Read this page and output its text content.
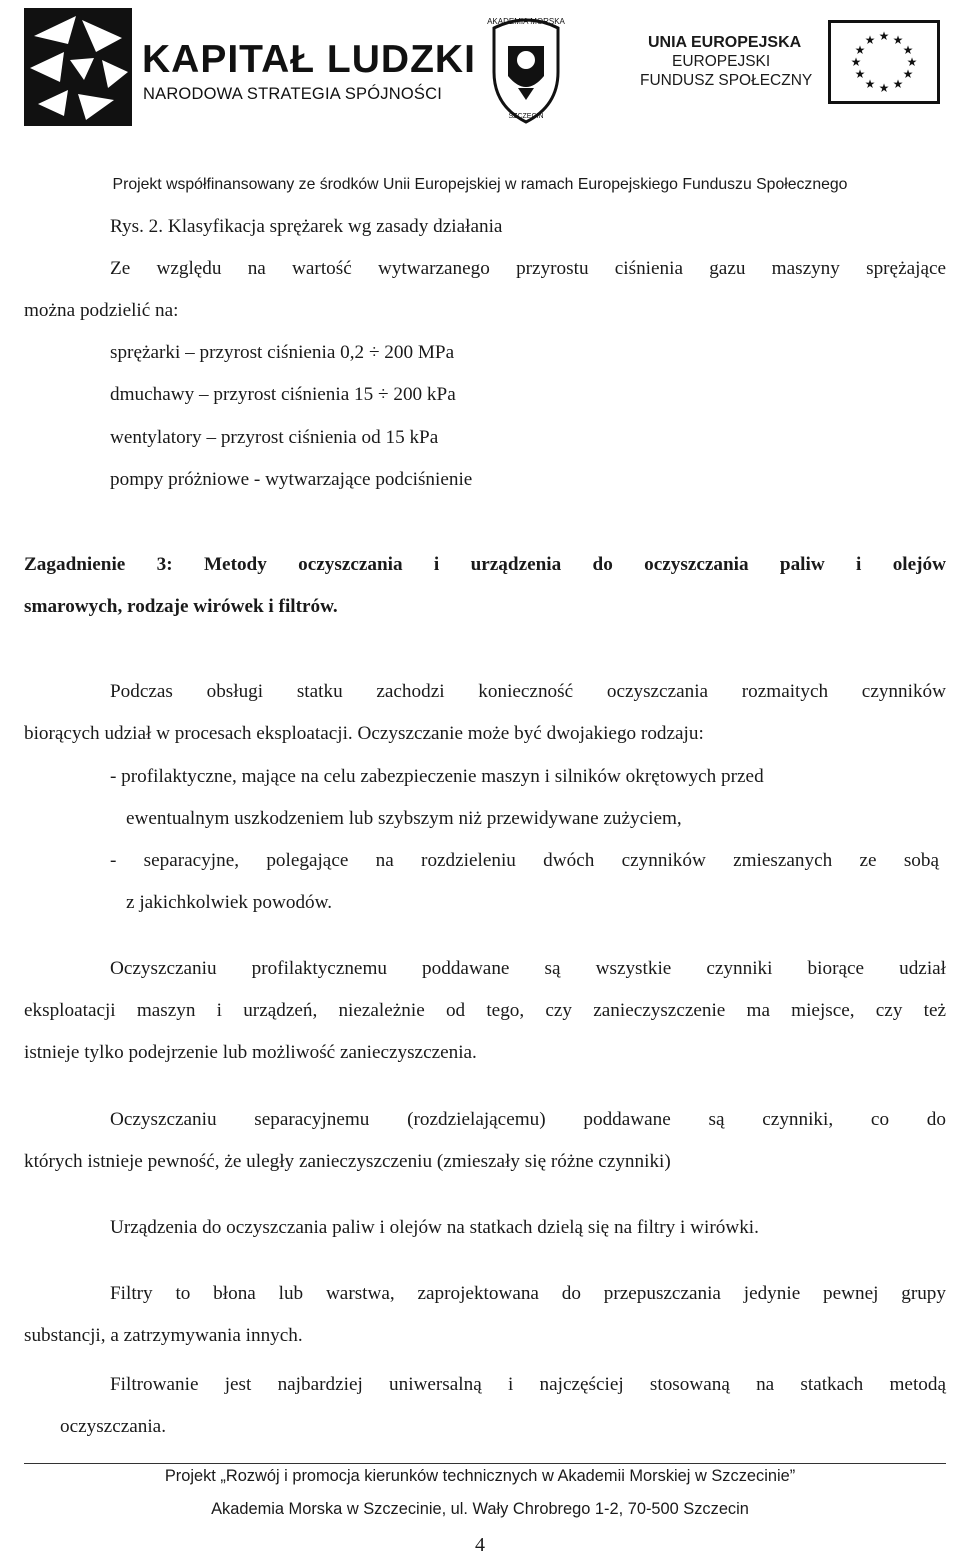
KAPITAŁ LUDZKI
NARODOWA STRATEGIA SPÓJNOŚCI
AKADEMIA MORSKA
SZCZECIN
UNIA EUROPEJSKA
EUROPEJSKI
FUNDUSZ SPOŁECZNY
★ ★
★
★
★
★
★
★
★
★
★
★
Projekt współfinansowany ze środków Unii Europejskiej w ramach Europejskiego Funduszu Społecznego
Rys. 2. Klasyfikacja sprężarek wg zasady działania
Ze względu na wartość wytwarzanego przyrostu ciśnienia gazu maszyny sprężające
można podzielić na:
sprężarki – przyrost ciśnienia 0,2 ÷ 200 MPa
dmuchawy – przyrost ciśnienia 15 ÷ 200 kPa
wentylatory – przyrost ciśnienia od 15 kPa
pompy próżniowe - wytwarzające podciśnienie
Zagadnienie 3: Metody oczyszczania i urządzenia do oczyszczania paliw i olejów
smarowych, rodzaje wirówek i filtrów.
Podczas obsługi statku zachodzi konieczność oczyszczania rozmaitych czynników
biorących udział w procesach eksploatacji. Oczyszczanie może być dwojakiego rodzaju:
- profilaktyczne, mające na celu zabezpieczenie maszyn i silników okrętowych przed
ewentualnym uszkodzeniem lub szybszym niż przewidywane zużyciem,
- separacyjne, polegające na rozdzieleniu dwóch czynników zmieszanych ze sobą
z jakichkolwiek powodów.
Oczyszczaniu profilaktycznemu poddawane są wszystkie czynniki biorące udział
eksploatacji maszyn i urządzeń, niezależnie od tego, czy zanieczyszczenie ma miejsce, czy też
istnieje tylko podejrzenie lub możliwość zanieczyszczenia.
Oczyszczaniu separacyjnemu (rozdzielającemu) poddawane są czynniki, co do
których istnieje pewność, że uległy zanieczyszczeniu (zmieszały się różne czynniki)
Urządzenia do oczyszczania paliw i olejów na statkach dzielą się na filtry i wirówki.
Filtry to błona lub warstwa, zaprojektowana do przepuszczania jedynie pewnej grupy
substancji, a zatrzymywania innych.
Filtrowanie jest najbardziej uniwersalną i najczęściej stosowaną na statkach metodą
oczyszczania.
Projekt „Rozwój i promocja kierunków technicznych w Akademii Morskiej w Szczecinie”
Akademia Morska w Szczecinie, ul. Wały Chrobrego 1-2, 70-500 Szczecin
4
